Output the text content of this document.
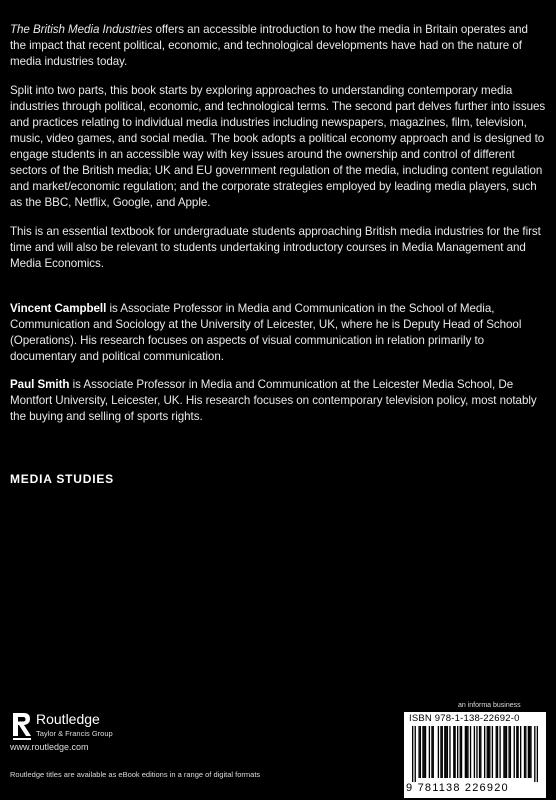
The British Media Industries offers an accessible introduction to how the media in Britain operates and the impact that recent political, economic, and technological developments have had on the nature of media industries today.

Split into two parts, this book starts by exploring approaches to understanding contemporary media industries through political, economic, and technological terms. The second part delves further into issues and practices relating to individual media industries including newspapers, magazines, film, television, music, video games, and social media. The book adopts a political economy approach and is designed to engage students in an accessible way with key issues around the ownership and control of different sectors of the British media; UK and EU government regulation of the media, including content regulation and market/economic regulation; and the corporate strategies employed by leading media players, such as the BBC, Netflix, Google, and Apple.

This is an essential textbook for undergraduate students approaching British media industries for the first time and will also be relevant to students undertaking introductory courses in Media Management and Media Economics.

Vincent Campbell is Associate Professor in Media and Communication in the School of Media, Communication and Sociology at the University of Leicester, UK, where he is Deputy Head of School (Operations). His research focuses on aspects of visual communication in relation primarily to documentary and political communication.

Paul Smith is Associate Professor in Media and Communication at the Leicester Media School, De Montfort University, Leicester, UK. His research focuses on contemporary television policy, most notably the buying and selling of sports rights.

MEDIA STUDIES
an informa business
Routledge
Taylor & Francis Group
www.routledge.com
Routledge titles are available as eBook editions in a range of digital formats
ISBN 978-1-138-22692-0
9 781138 226920
